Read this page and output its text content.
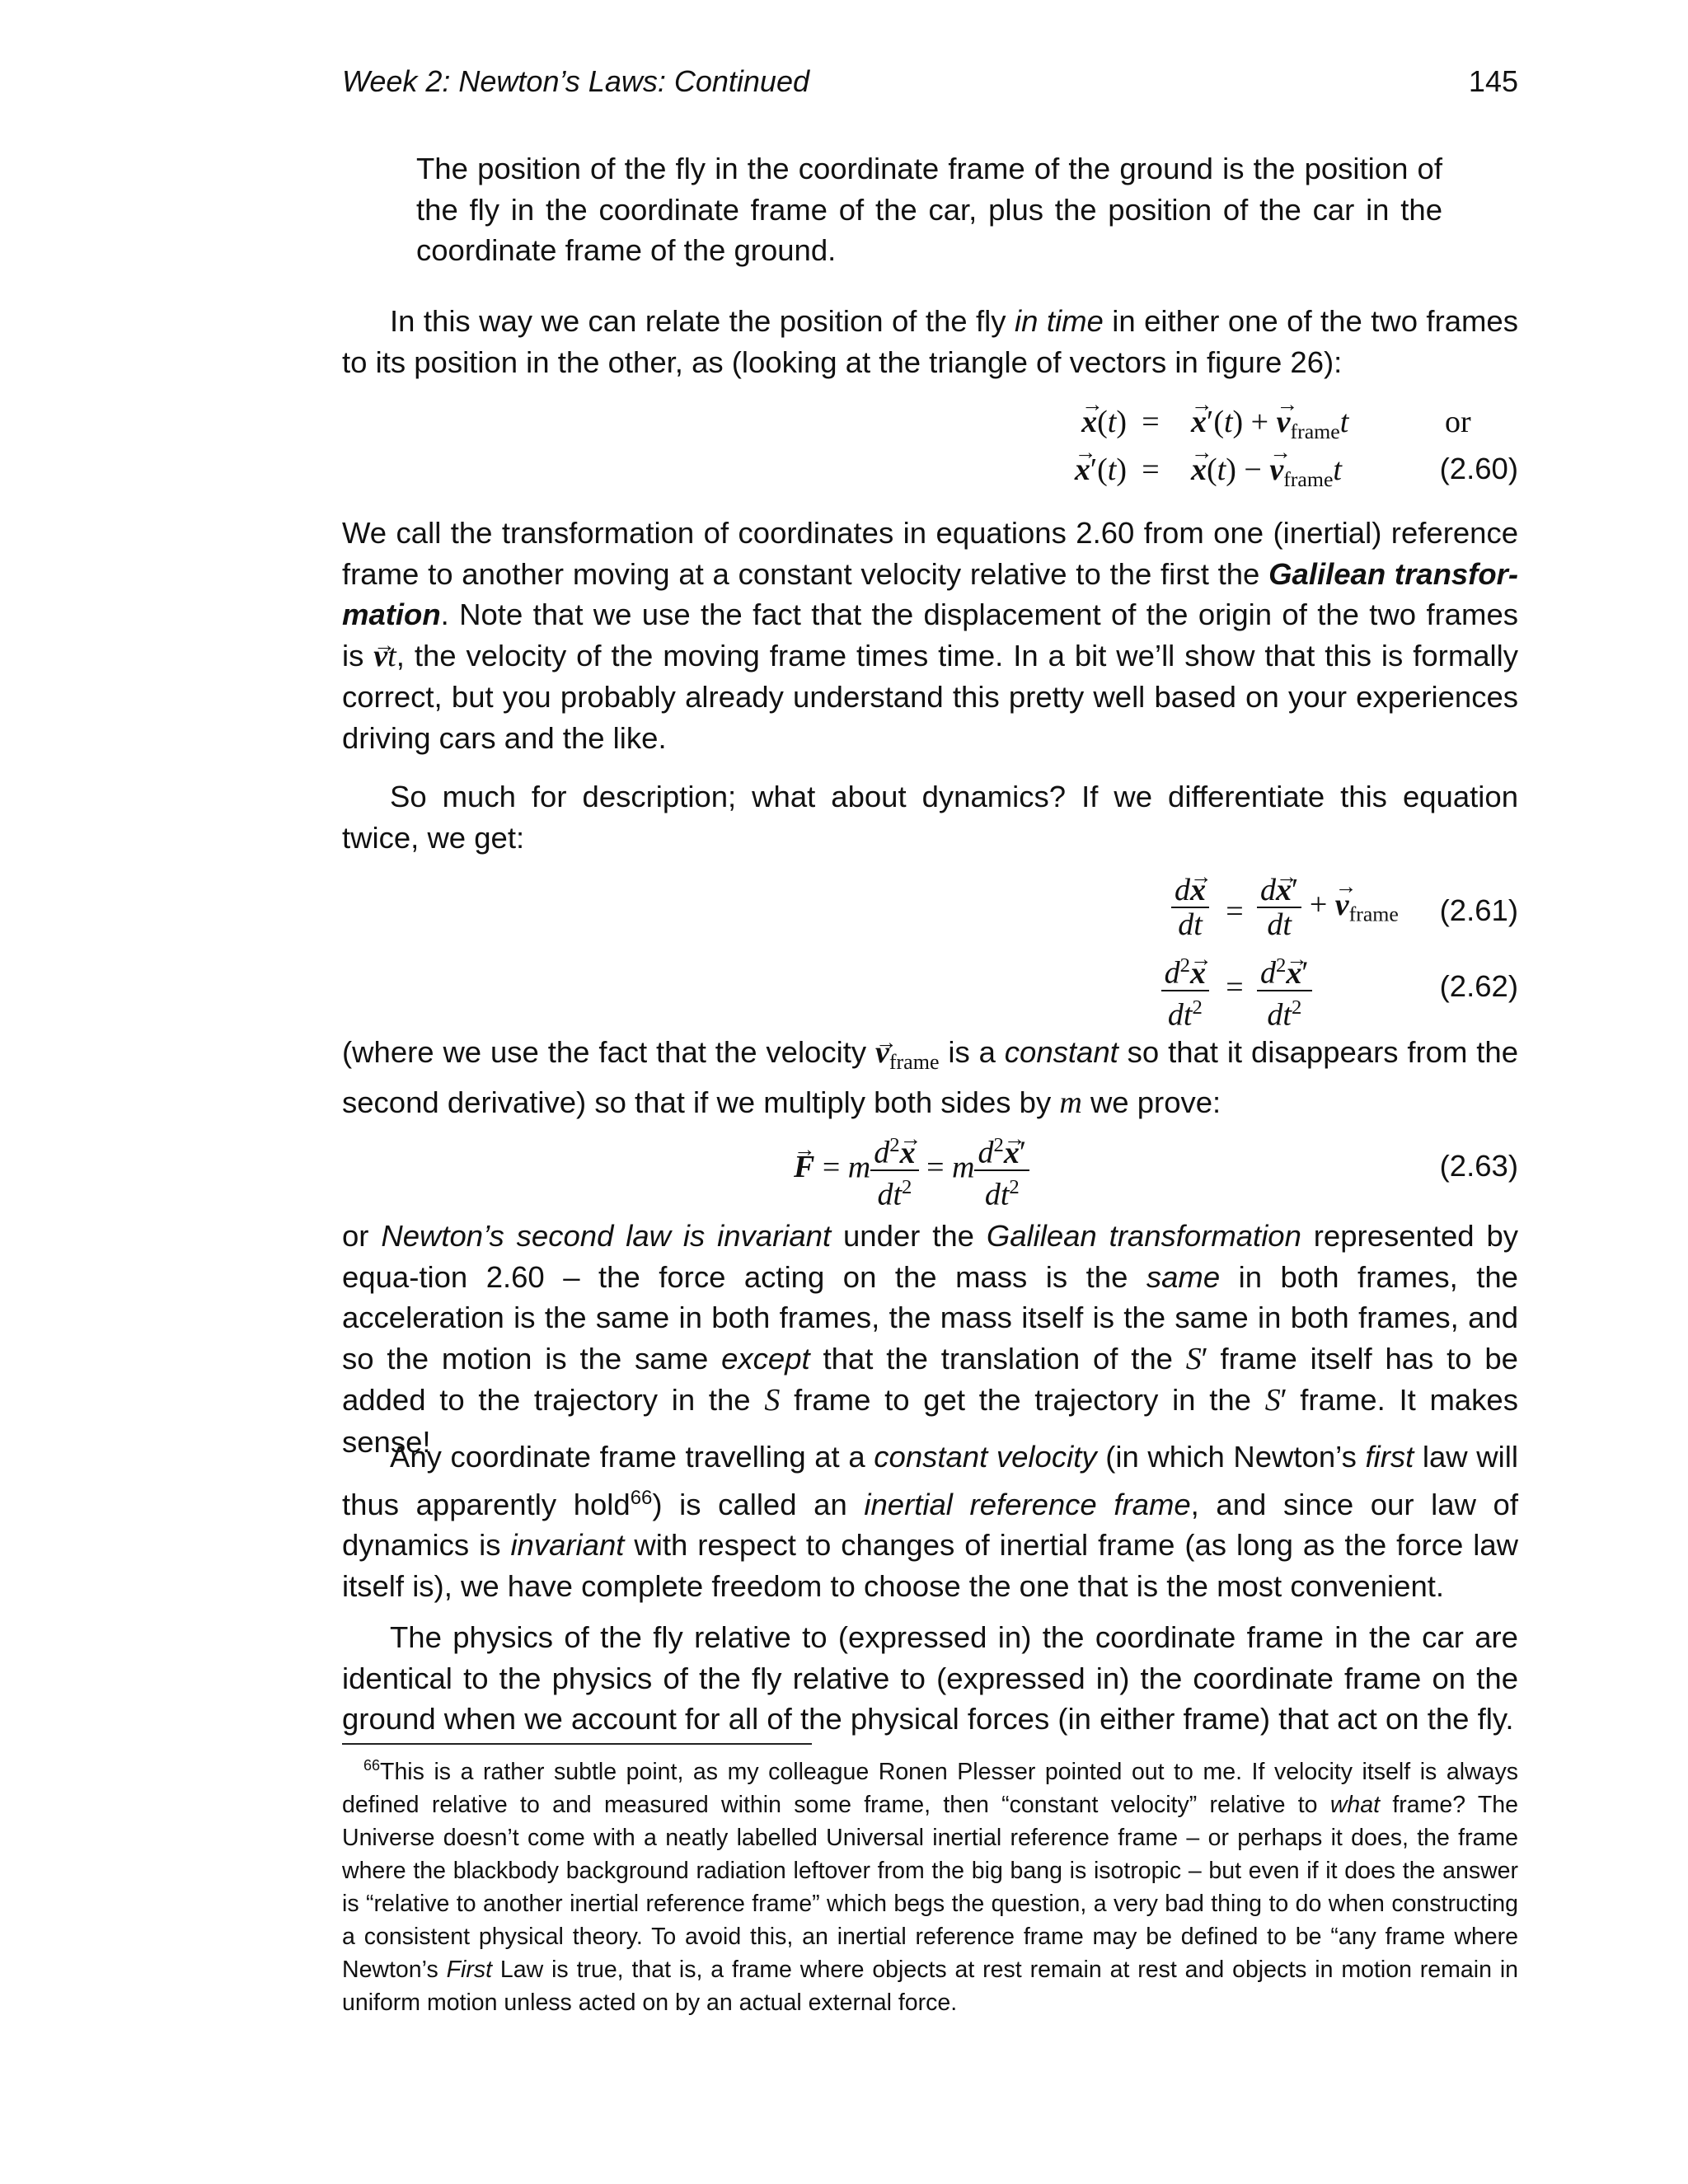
Week 2: Newton’s Laws: Continued	145
The position of the fly in the coordinate frame of the ground is the position of the fly in the coordinate frame of the car, plus the position of the car in the coordinate frame of the ground.
In this way we can relate the position of the fly in time in either one of the two frames to its position in the other, as (looking at the triangle of vectors in figure 26):
$x \to(t) = x \to'(t) + v \to_{frame}t$	or
$x \to'(t) = x \to(t) - v \to_{frame}t$	(2.60)
We call the transformation of coordinates in equations 2.60 from one (inertial) reference frame to another moving at a constant velocity relative to the first the Galilean transfor-mation. Note that we use the fact that the displacement of the origin of the two frames is v →t, the velocity of the moving frame times time. In a bit we’ll show that this is formally correct, but you probably already understand this pretty well based on your experiences driving cars and the like.
So much for description; what about dynamics? If we differentiate this equation twice, we get:
$\frac{dx \to}{dt} = \frac{dx \to'}{dt} + v \to_{frame}$ (2.61)
$\frac{d^2x \to}{dt^2} = \frac{d^2x \to'}{dt^2}$	(2.62)
(where we use the fact that the velocity $v \to_{frame}$ is a constant so that it disappears from the second derivative) so that if we multiply both sides by m we prove:
F → = m $\frac{d^2x \to}{dt^2} = m \frac{d^2x \to'}{dt^2}$	(2.63)
or Newton’s second law is invariant under the Galilean transformation represented by equa-tion 2.60 – the force acting on the mass is the same in both frames, the acceleration is the same in both frames, the mass itself is the same in both frames, and so the motion is the same except that the translation of the S′ frame itself has to be added to the trajectory in the S frame to get the trajectory in the S′ frame. It makes sense!
Any coordinate frame travelling at a constant velocity (in which Newton’s first law will thus apparently hold$^{66}$) is called an inertial reference frame, and since our law of dynamics is invariant with respect to changes of inertial frame (as long as the force law itself is), we have complete freedom to choose the one that is the most convenient.
The physics of the fly relative to (expressed in) the coordinate frame in the car are identical to the physics of the fly relative to (expressed in) the coordinate frame on the ground when we account for all of the physical forces (in either frame) that act on the fly.
$^{66}$This is a rather subtle point, as my colleague Ronen Plesser pointed out to me. If velocity itself is always defined relative to and measured within some frame, then “constant velocity” relative to what frame? The Universe doesn’t come with a neatly labelled Universal inertial reference frame – or perhaps it does, the frame where the blackbody background radiation leftover from the big bang is isotropic – but even if it does the answer is “relative to another inertial reference frame” which begs the question, a very bad thing to do when constructing a consistent physical theory. To avoid this, an inertial reference frame may be defined to be “any frame where Newton’s First Law is true, that is, a frame where objects at rest remain at rest and objects in motion remain in uniform motion unless acted on by an actual external force.
